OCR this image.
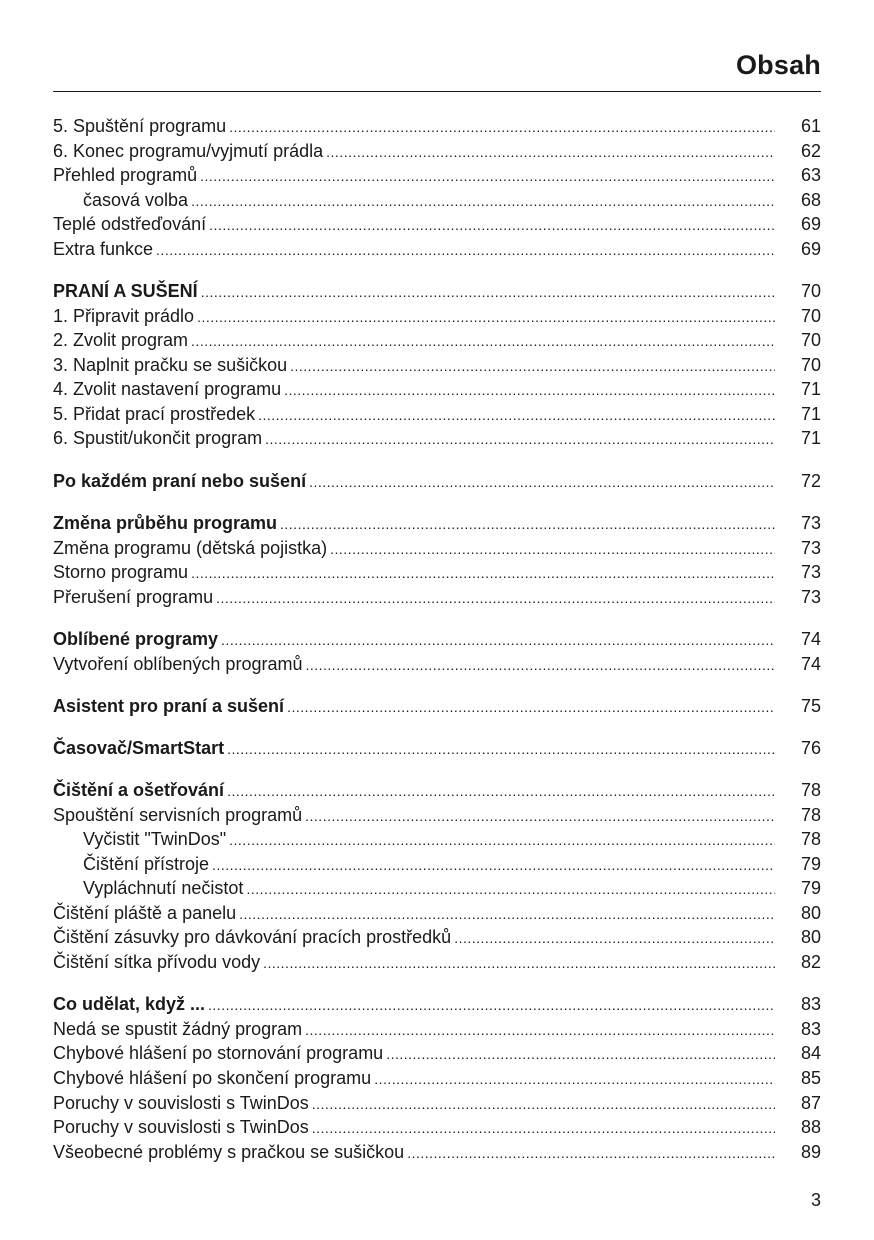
Obsah
5. Spuštění programu .....	61
6. Konec programu/vyjmutí prádla .....	62
Přehled programů .....	63
časová volba .....	68
Teplé odstřeďování .....	69
Extra funkce .....	69
PRANÍ A SUŠENÍ .....	70
1. Připravit prádlo .....	70
2. Zvolit program .....	70
3. Naplnit pračku se sušičkou .....	70
4. Zvolit nastavení programu .....	71
5. Přidat prací prostředek .....	71
6. Spustit/ukončit program .....	71
Po každém praní nebo sušení .....	72
Změna průběhu programu .....	73
Změna programu (dětská pojistka) .....	73
Storno programu .....	73
Přerušení programu .....	73
Oblíbené programy .....	74
Vytvoření oblíbených programů .....	74
Asistent pro praní a sušení .....	75
Časovač/SmartStart .....	76
Čištění a ošetřování .....	78
Spouštění servisních programů .....	78
Vyčistit "TwinDos" .....	78
Čištění přístroje .....	79
Vypláchnutí nečistot .....	79
Čištění pláště a panelu .....	80
Čištění zásuvky pro dávkování pracích prostředků .....	80
Čištění sítka přívodu vody .....	82
Co udělat, když ... .....	83
Nedá se spustit žádný program .....	83
Chybové hlášení po stornování programu .....	84
Chybové hlášení po skončení programu .....	85
Poruchy v souvislosti s TwinDos .....	87
Poruchy v souvislosti s TwinDos .....	88
Všeobecné problémy s pračkou se sušičkou .....	89
3
